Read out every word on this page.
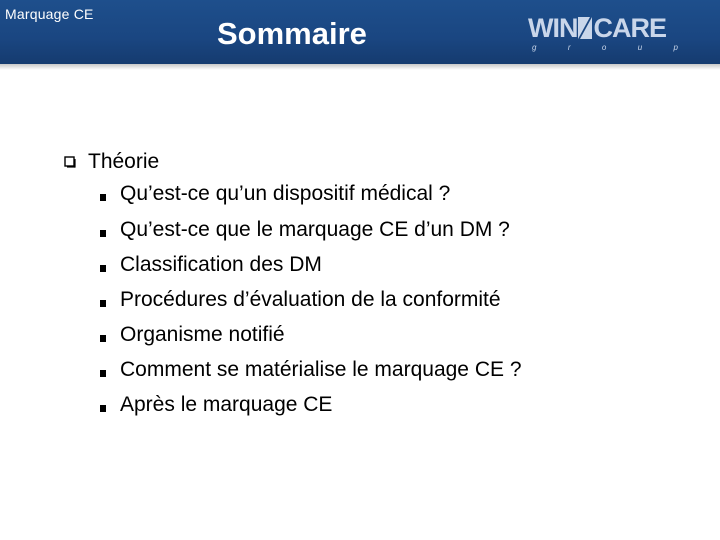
Marquage CE
Sommaire	WIN CARE
g	r	o	u	p
Théorie
Qu’est-ce qu’un dispositif médical ?
Qu’est-ce que le marquage CE d’un DM ?
Classification des DM
Procédures d’évaluation de la conformité
Organisme notifié
Comment se matérialise le marquage CE ?
Après le marquage CE
